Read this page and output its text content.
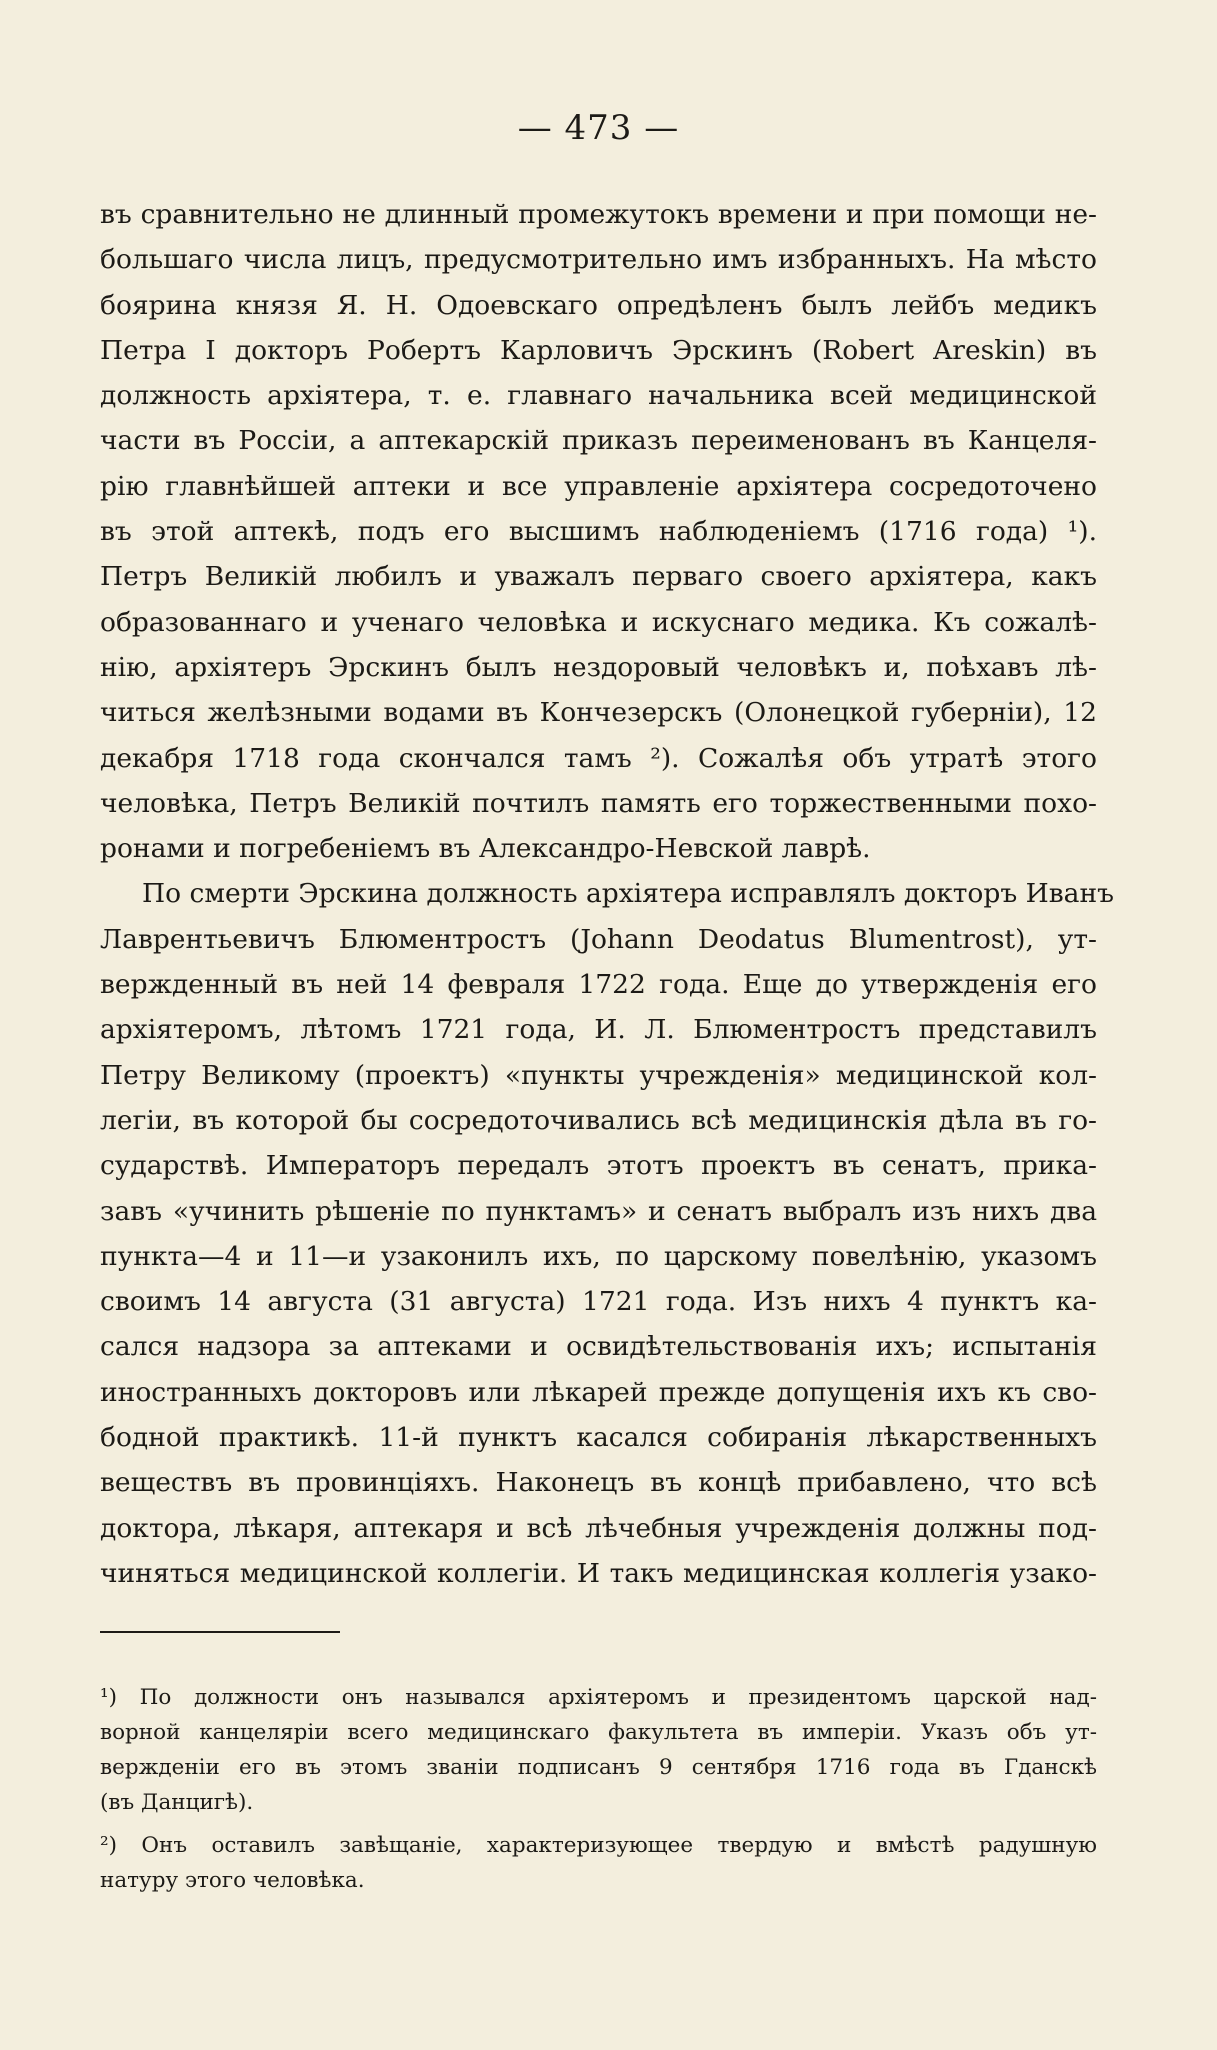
— 473 —
въ сравнительно не длинный промежутокъ времени и при помощи не-
большаго числа лицъ, предусмотрительно имъ избранныхъ. На мѣсто
боярина князя Я. Н. Одоевскаго опредѣленъ былъ лейбъ медикъ
Петра I докторъ Робертъ Карловичъ Эрскинъ (Robert Areskin) въ
должность архіятера, т. е. главнаго начальника всей медицинской
части въ Россіи, а аптекарскій приказъ переименованъ въ Канцеля-
рію главнѣйшей аптеки и все управленіе архіятера сосредоточено
въ этой аптекѣ, подъ его высшимъ наблюденіемъ (1716 года) ¹).
Петръ Великій любилъ и уважалъ перваго своего архіятера, какъ
образованнаго и ученаго человѣка и искуснаго медика. Къ сожалѣ-
нію, архіятеръ Эрскинъ былъ нездоровый человѣкъ и, поѣхавъ лѣ-
читься желѣзными водами въ Кончезерскъ (Олонецкой губерніи), 12
декабря 1718 года скончался тамъ ²). Сожалѣя объ утратѣ этого
человѣка, Петръ Великій почтилъ память его торжественными похо-
ронами и погребеніемъ въ Александро-Невской лаврѣ.
По смерти Эрскина должность архіятера исправлялъ докторъ Иванъ
Лаврентьевичъ Блюментростъ (Johann Deodatus Blumentrost), ут-
вержденный въ ней 14 февраля 1722 года. Еще до утвержденія его
архіятеромъ, лѣтомъ 1721 года, И. Л. Блюментростъ представилъ
Петру Великому (проектъ) «пункты учрежденія» медицинской кол-
легіи, въ которой бы сосредоточивались всѣ медицинскія дѣла въ го-
сударствѣ. Императоръ передалъ этотъ проектъ въ сенатъ, прика-
завъ «учинить рѣшеніе по пунктамъ» и сенатъ выбралъ изъ нихъ два
пункта—4 и 11—и узаконилъ ихъ, по царскому повелѣнію, указомъ
своимъ 14 августа (31 августа) 1721 года. Изъ нихъ 4 пунктъ ка-
сался надзора за аптеками и освидѣтельствованія ихъ; испытанія
иностранныхъ докторовъ или лѣкарей прежде допущенія ихъ къ сво-
бодной практикѣ. 11-й пунктъ касался собиранія лѣкарственныхъ
веществъ въ провинціяхъ. Наконецъ въ концѣ прибавлено, что всѣ
доктора, лѣкаря, аптекаря и всѣ лѣчебныя учрежденія должны под-
чиняться медицинской коллегіи. И такъ медицинская коллегія узако-
¹) По должности онъ назывался архіятеромъ и президентомъ царской над-
ворной канцеляріи всего медицинскаго факультета въ имперіи. Указъ объ ут-
вержденіи его въ этомъ званіи подписанъ 9 сентября 1716 года въ Гданскѣ
(въ Данцигѣ).
²) Онъ оставилъ завѣщаніе, характеризующее твердую и вмѣстѣ радушную
натуру этого человѣка.
